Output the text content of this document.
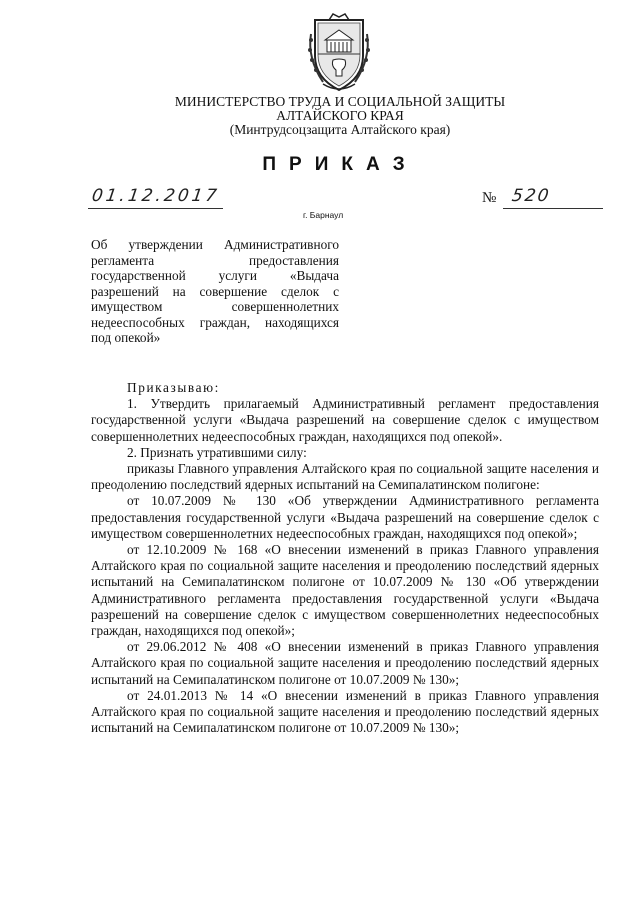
МИНИСТЕРСТВО ТРУДА И СОЦИАЛЬНОЙ ЗАЩИТЫ
АЛТАЙСКОГО КРАЯ
(Минтрудсоцзащита Алтайского края)
ПРИКАЗ
01.12.2017	№ 520
г. Барнаул
Об утверждении Административного регламента предоставления государственной услуги «Выдача разрешений на совершение сделок с имуществом совершеннолетних недееспособных граждан, находящихся под опекой»

Приказываю:

1. Утвердить прилагаемый Административный регламент предоставления государственной услуги «Выдача разрешений на совершение сделок с имуществом совершеннолетних недееспособных граждан, находящихся под опекой».

2. Признать утратившими силу:

приказы Главного управления Алтайского края по социальной защите населения и преодолению последствий ядерных испытаний на Семипалатинском полигоне:

от 10.07.2009 № 130 «Об утверждении Административного регламента предоставления государственной услуги «Выдача разрешений на совершение сделок с имуществом совершеннолетних недееспособных граждан, находящихся под опекой»;

от 12.10.2009 № 168 «О внесении изменений в приказ Главного управления Алтайского края по социальной защите населения и преодолению последствий ядерных испытаний на Семипалатинском полигоне от 10.07.2009 № 130 «Об утверждении Административного регламента предоставления государственной услуги «Выдача разрешений на совершение сделок с имуществом совершеннолетних недееспособных граждан, находящихся под опекой»;

от 29.06.2012 № 408 «О внесении изменений в приказ Главного управления Алтайского края по социальной защите населения и преодолению последствий ядерных испытаний на Семипалатинском полигоне от 10.07.2009 № 130»;

от 24.01.2013 № 14 «О внесении изменений в приказ Главного управления Алтайского края по социальной защите населения и преодолению последствий ядерных испытаний на Семипалатинском полигоне от 10.07.2009 № 130»;
